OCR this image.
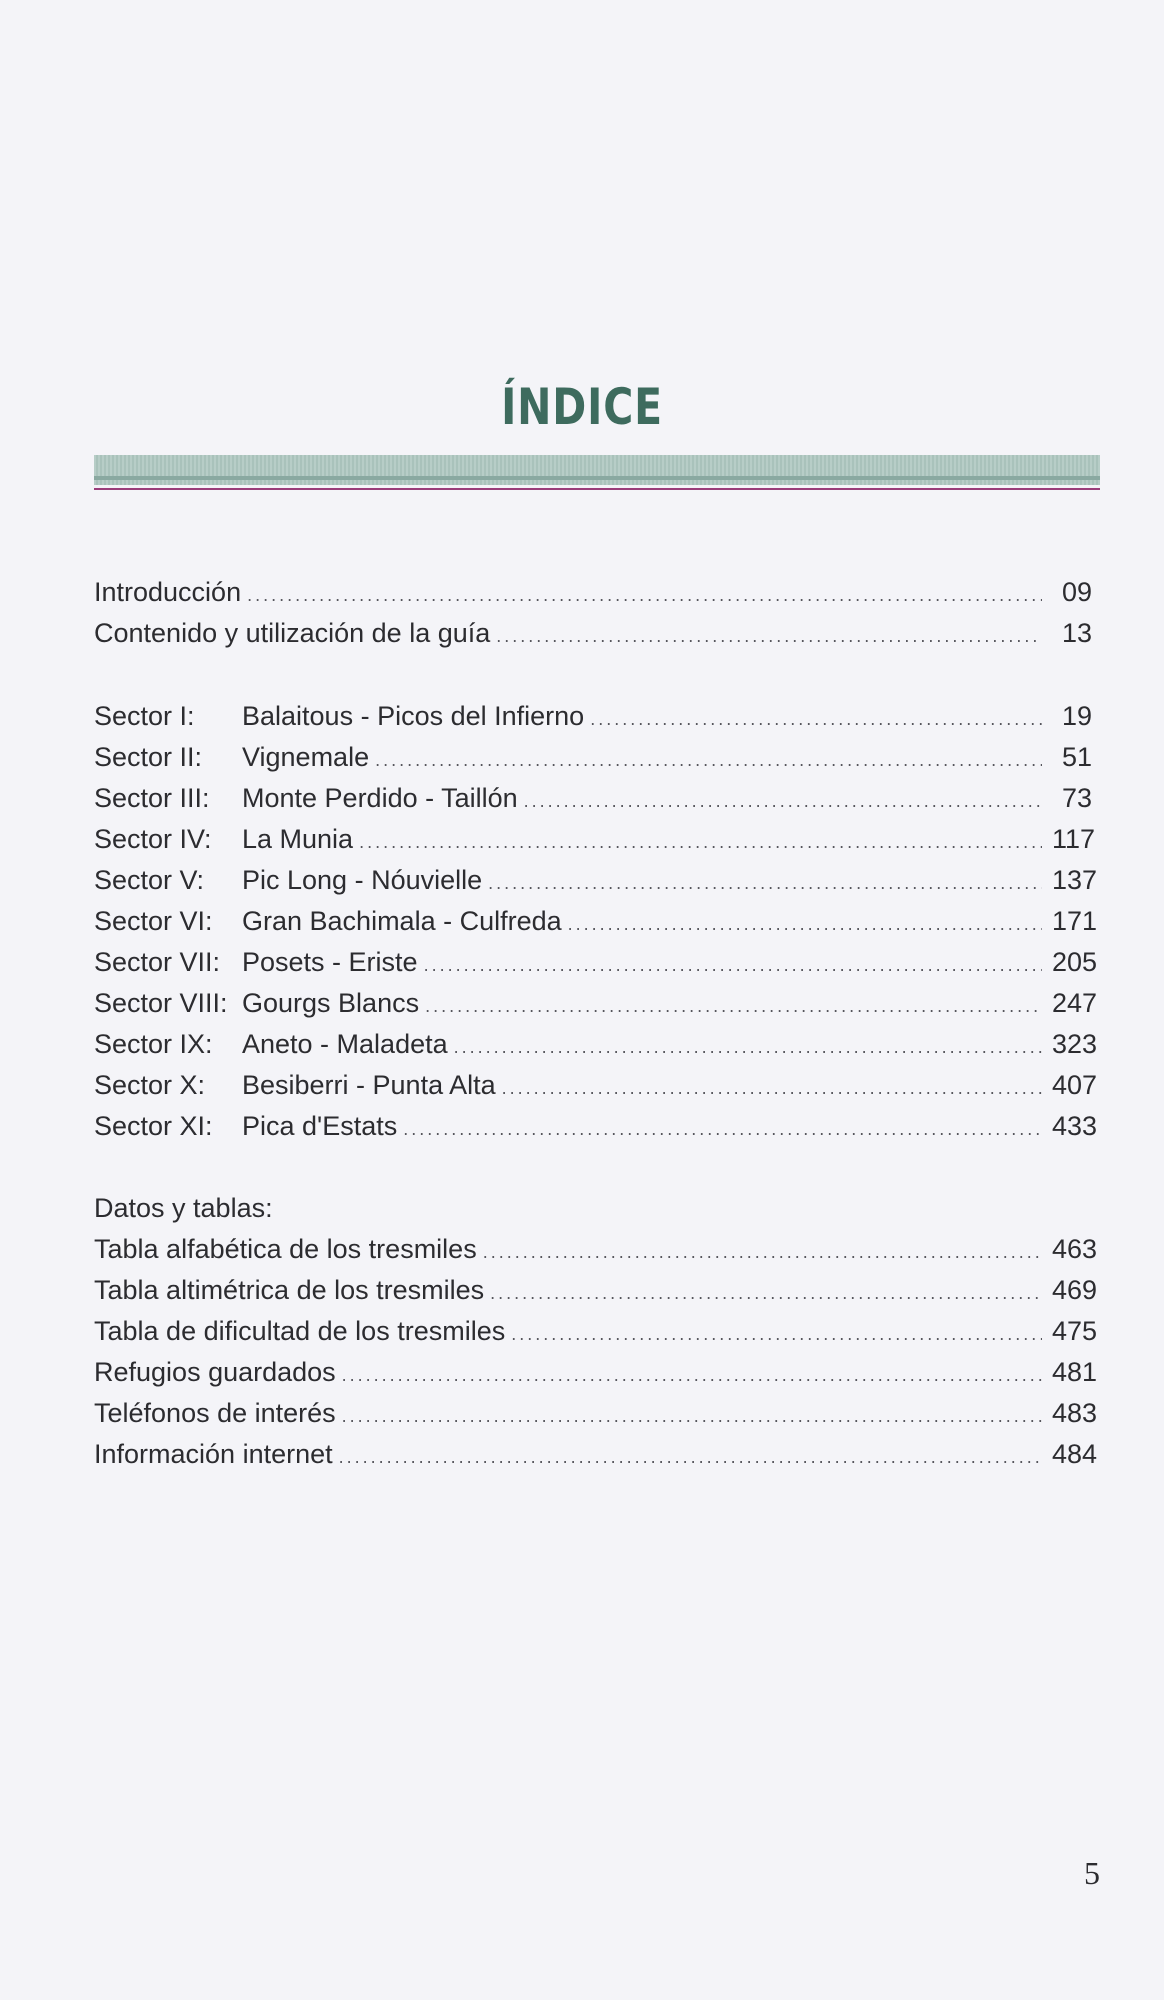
ÍNDICE
Introducción .....	09
Contenido y utilización de la guía .....	13
Sector I:	Balaitous - Picos del Infierno .....	19
Sector II:	Vignemale .....	51
Sector III:	Monte Perdido - Taillón .....	73
Sector IV:	La Munia .....	117
Sector V:	Pic Long - Nóuvielle .....	137
Sector VI:	Gran Bachimala - Culfreda .....	171
Sector VII: Posets - Eriste .....	205
Sector VIII: Gourgs Blancs .....	247
Sector IX:	Aneto - Maladeta .....	323
Sector X:	Besiberri - Punta Alta .....	407
Sector XI:	Pica d'Estats .....	433
Datos y tablas:
Tabla alfabética de los tresmiles .....	463
Tabla altimétrica de los tresmiles .....	469
Tabla de dificultad de los tresmiles .....	475
Refugios guardados .....	481
Teléfonos de interés .....	483
Información internet .....	484
5
